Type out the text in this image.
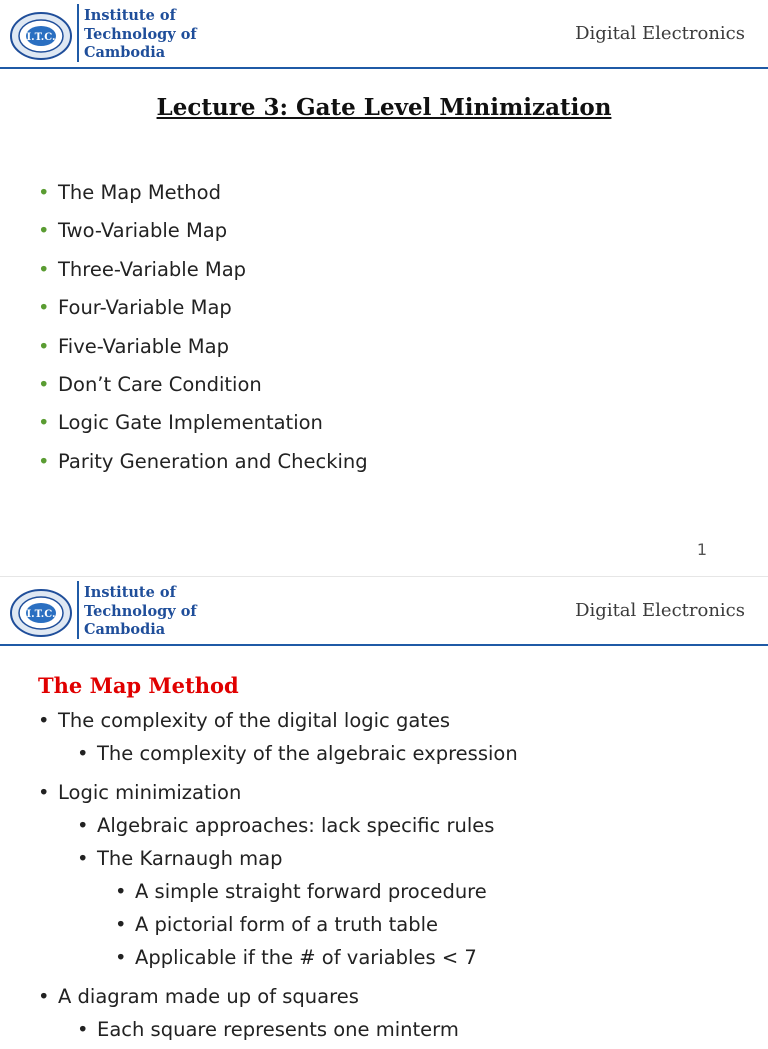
I.T.C.
Institute of
Technology of
Cambodia
Digital Electronics
Lecture 3: Gate Level Minimization
• The Map Method
• Two-Variable Map
• Three-Variable Map
• Four-Variable Map
• Five-Variable Map
• Don’t Care Condition
• Logic Gate Implementation
• Parity Generation and Checking
1
I.T.C.
Institute of
Technology of
Cambodia
Digital Electronics
The Map Method
• The complexity of the digital logic gates
• The complexity of the algebraic expression
• Logic minimization
• Algebraic approaches: lack specific rules
• The Karnaugh map
• A simple straight forward procedure
• A pictorial form of a truth table
• Applicable if the # of variables < 7
• A diagram made up of squares
• Each square represents one minterm
